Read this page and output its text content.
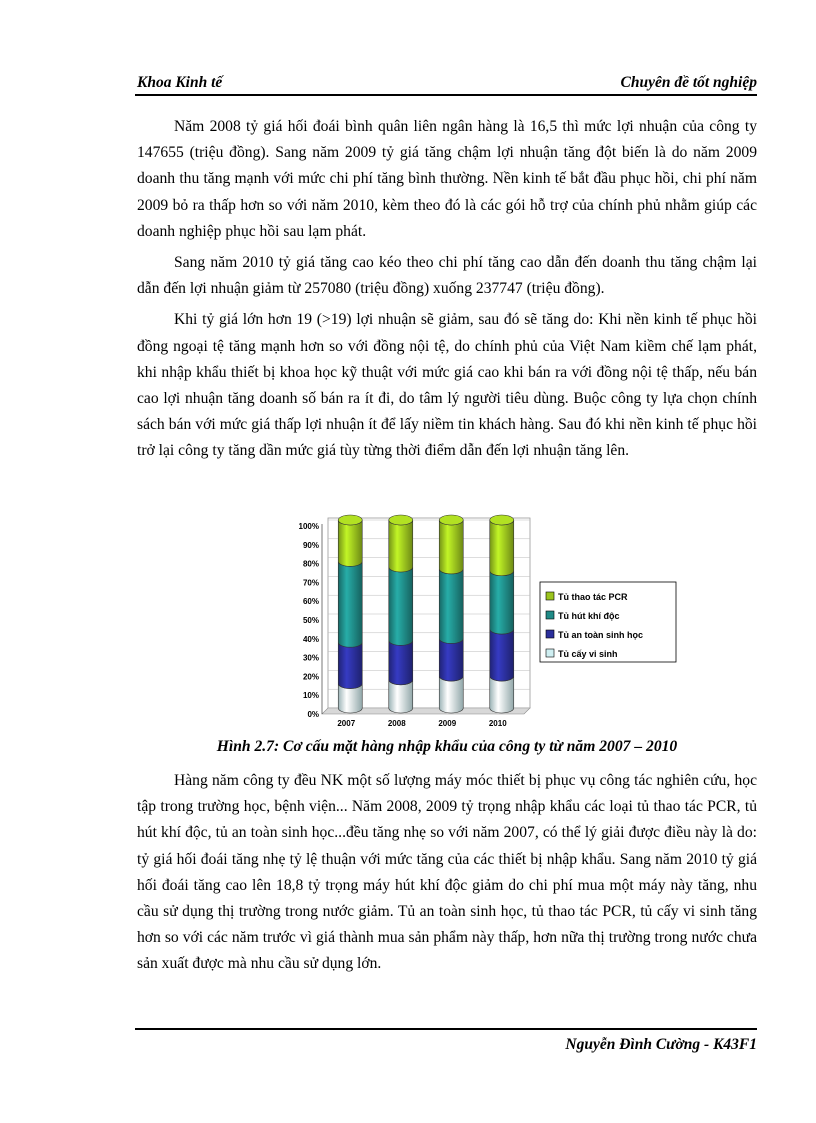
Khoa Kinh tế	Chuyên đề tốt nghiệp

Năm 2008 tỷ giá hối đoái bình quân liên ngân hàng là 16,5 thì mức lợi nhuận của công ty 147655 (triệu đồng). Sang năm 2009 tỷ giá tăng chậm lợi nhuận tăng đột biến là do năm 2009 doanh thu tăng mạnh với mức chi phí tăng bình thường. Nền kinh tế bắt đầu phục hồi, chi phí năm 2009 bỏ ra thấp hơn so với năm 2010, kèm theo đó là các gói hỗ trợ của chính phủ nhằm giúp các doanh nghiệp phục hồi sau lạm phát.

Sang năm 2010 tỷ giá tăng cao kéo theo chi phí tăng cao dẫn đến doanh thu tăng chậm lại dẫn đến lợi nhuận giảm từ 257080 (triệu đồng) xuống 237747 (triệu đồng).

Khi tỷ giá lớn hơn 19 (>19) lợi nhuận sẽ giảm, sau đó sẽ tăng do: Khi nền kinh tế phục hồi đồng ngoại tệ tăng mạnh hơn so với đồng nội tệ, do chính phủ của Việt Nam kiềm chế lạm phát, khi nhập khẩu thiết bị khoa học kỹ thuật với mức giá cao khi bán ra với đồng nội tệ thấp, nếu bán cao lợi nhuận tăng doanh số bán ra ít đi, do tâm lý người tiêu dùng. Buộc công ty lựa chọn chính sách bán với mức giá thấp lợi nhuận ít để lấy niềm tin khách hàng. Sau đó khi nền kinh tế phục hồi trở lại công ty tăng dần mức giá tùy từng thời điểm dẫn đến lợi nhuận tăng lên.

0%
10%
20%
30%
40%
50%
60%
70%
80%
90%
100%
2007	2008	2009	2010
Tủ thao tác PCR
Tủ hút khí độc
Tủ an toàn sinh học
Tủ cấy vi sinh
Hình 2.7: Cơ cấu mặt hàng nhập khẩu của công ty từ năm 2007 – 2010

Hàng năm công ty đều NK một số lượng máy móc thiết bị phục vụ công tác nghiên cứu, học tập trong trường học, bệnh viện... Năm 2008, 2009 tỷ trọng nhập khẩu các loại tủ thao tác PCR, tủ hút khí độc, tủ an toàn sinh học...đều tăng nhẹ so với năm 2007, có thể lý giải được điều này là do: tỷ giá hối đoái tăng nhẹ tỷ lệ thuận với mức tăng của các thiết bị nhập khẩu. Sang năm 2010 tỷ giá hối đoái tăng cao lên 18,8 tỷ trọng máy hút khí độc giảm do chi phí mua một máy này tăng, nhu cầu sử dụng thị trường trong nước giảm. Tủ an toàn sinh học, tủ thao tác PCR, tủ cấy vi sinh tăng hơn so với các năm trước vì giá thành mua sản phẩm này thấp, hơn nữa thị trường trong nước chưa sản xuất được mà nhu cầu sử dụng lớn.

Nguyễn Đình Cường - K43F1
